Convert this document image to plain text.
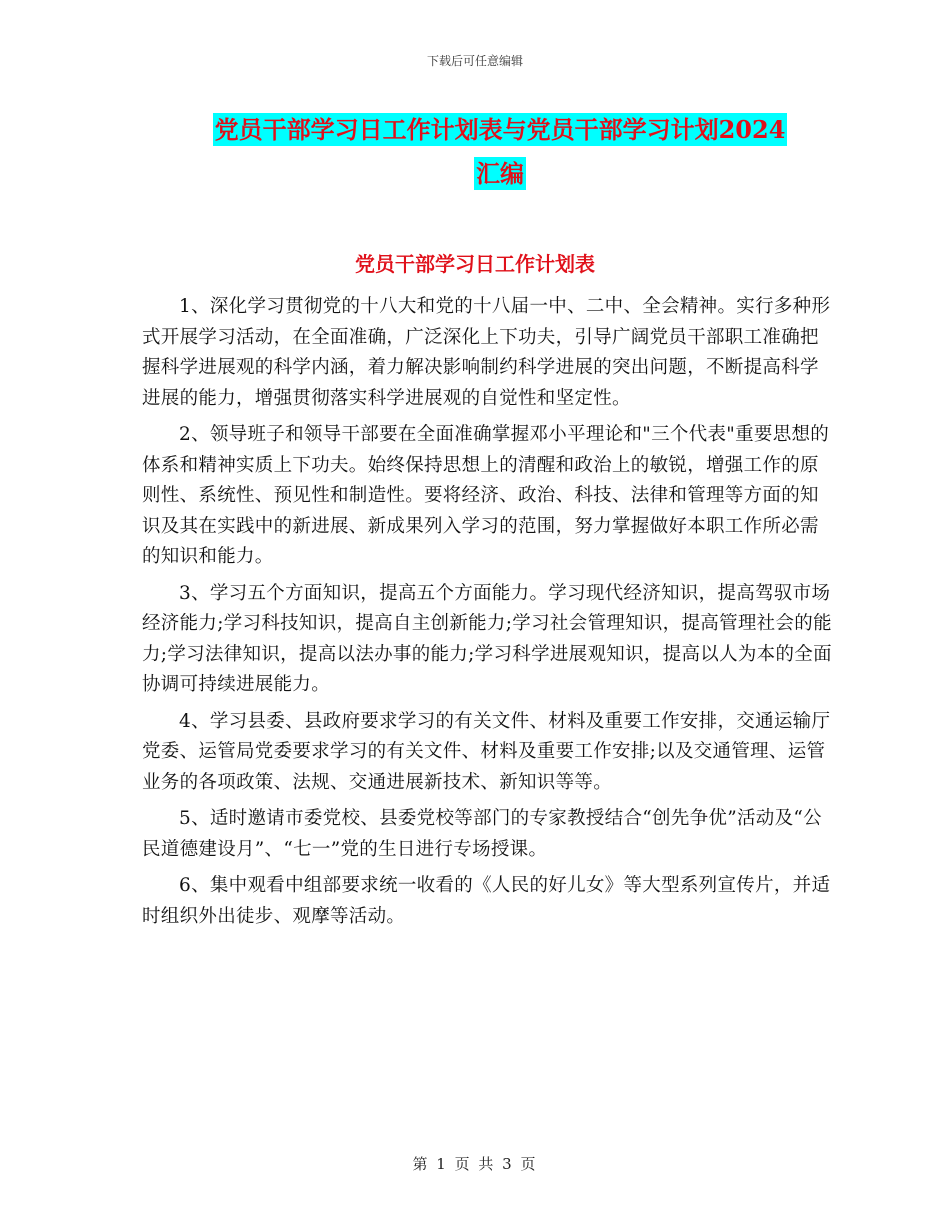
下载后可任意编辑
党员干部学习日工作计划表与党员干部学习计划2024
汇编
党员干部学习日工作计划表

1、深化学习贯彻党的十八大和党的十八届一中、二中、全会精神。实行多种形式开展学习活动，在全面准确，广泛深化上下功夫，引导广阔党员干部职工准确把握科学进展观的科学内涵，着力解决影响制约科学进展的突出问题，不断提高科学进展的能力，增强贯彻落实科学进展观的自觉性和坚定性。

2、领导班子和领导干部要在全面准确掌握邓小平理论和"三个代表"重要思想的体系和精神实质上下功夫。始终保持思想上的清醒和政治上的敏锐，增强工作的原则性、系统性、预见性和制造性。要将经济、政治、科技、法律和管理等方面的知识及其在实践中的新进展、新成果列入学习的范围，努力掌握做好本职工作所必需的知识和能力。

3、学习五个方面知识，提高五个方面能力。学习现代经济知识，提高驾驭市场经济能力;学习科技知识，提高自主创新能力;学习社会管理知识，提高管理社会的能力;学习法律知识，提高以法办事的能力;学习科学进展观知识，提高以人为本的全面协调可持续进展能力。

4、学习县委、县政府要求学习的有关文件、材料及重要工作安排，交通运输厅党委、运管局党委要求学习的有关文件、材料及重要工作安排;以及交通管理、运管业务的各项政策、法规、交通进展新技术、新知识等等。

5、适时邀请市委党校、县委党校等部门的专家教授结合“创先争优”活动及“公民道德建设月”、“七一”党的生日进行专场授课。

6、集中观看中组部要求统一收看的《人民的好儿女》等大型系列宣传片，并适时组织外出徒步、观摩等活动。

第 1 页 共 3 页
